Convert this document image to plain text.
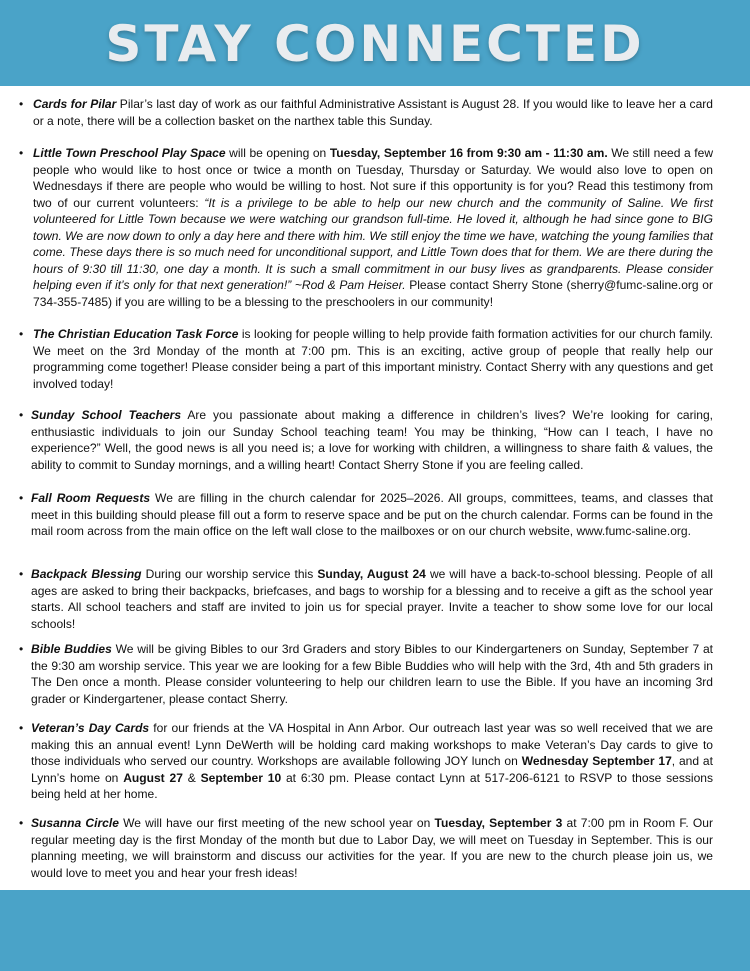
STAY CONNECTED
• Cards for Pilar Pilar’s last day of work as our faithful Administrative Assistant is August 28. If you would like to leave her a card or a note, there will be a collection basket on the narthex table this Sunday.
• Little Town Preschool Play Space will be opening on Tuesday, September 16 from 9:30 am - 11:30 am. We still need a few people who would like to host once or twice a month on Tuesday, Thursday or Saturday. We would also love to open on Wednesdays if there are people who would be willing to host. Not sure if this opportunity is for you? Read this testimony from two of our current volunteers: “It is a privilege to be able to help our new church and the community of Saline. We first volunteered for Little Town because we were watching our grandson full-time. He loved it, although he had since gone to BIG town. We are now down to only a day here and there with him. We still enjoy the time we have, watching the young families that come. These days there is so much need for unconditional support, and Little Town does that for them. We are there during the hours of 9:30 till 11:30, one day a month. It is such a small commitment in our busy lives as grandparents. Please consider helping even if it’s only for that next generation!” ~Rod & Pam Heiser. Please contact Sherry Stone (sherry@fumc-saline.org or 734-355-7485) if you are willing to be a blessing to the preschoolers in our community!
• The Christian Education Task Force is looking for people willing to help provide faith formation activities for our church family. We meet on the 3rd Monday of the month at 7:00 pm. This is an exciting, active group of people that really help our programming come together! Please consider being a part of this important ministry. Contact Sherry with any questions and get involved today!
• Sunday School Teachers Are you passionate about making a difference in children’s lives? We’re looking for caring, enthusiastic individuals to join our Sunday School teaching team! You may be thinking, “How can I teach, I have no experience?” Well, the good news is all you need is; a love for working with children, a willingness to share faith & values, the ability to commit to Sunday mornings, and a willing heart! Contact Sherry Stone if you are feeling called.
• Fall Room Requests We are filling in the church calendar for 2025–2026. All groups, committees, teams, and classes that meet in this building should please fill out a form to reserve space and be put on the church calendar. Forms can be found in the mail room across from the main office on the left wall close to the mailboxes or on our church website, www.fumc-saline.org.
• Backpack Blessing During our worship service this Sunday, August 24 we will have a back-to-school blessing. People of all ages are asked to bring their backpacks, briefcases, and bags to worship for a blessing and to receive a gift as the school year starts. All school teachers and staff are invited to join us for special prayer. Invite a teacher to show some love for our local schools!
• Bible Buddies We will be giving Bibles to our 3rd Graders and story Bibles to our Kindergarteners on Sunday, September 7 at the 9:30 am worship service. This year we are looking for a few Bible Buddies who will help with the 3rd, 4th and 5th graders in The Den once a month. Please consider volunteering to help our children learn to use the Bible. If you have an incoming 3rd grader or Kindergartener, please contact Sherry.
• Veteran’s Day Cards for our friends at the VA Hospital in Ann Arbor. Our outreach last year was so well received that we are making this an annual event! Lynn DeWerth will be holding card making workshops to make Veteran’s Day cards to give to those individuals who served our country. Workshops are available following JOY lunch on Wednesday September 17, and at Lynn’s home on August 27 & September 10 at 6:30 pm. Please contact Lynn at 517-206-6121 to RSVP to those sessions being held at her home.
• Susanna Circle We will have our first meeting of the new school year on Tuesday, September 3 at 7:00 pm in Room F. Our regular meeting day is the first Monday of the month but due to Labor Day, we will meet on Tuesday in September. This is our planning meeting, we will brainstorm and discuss our activities for the year. If you are new to the church please join us, we would love to meet you and hear your fresh ideas!
